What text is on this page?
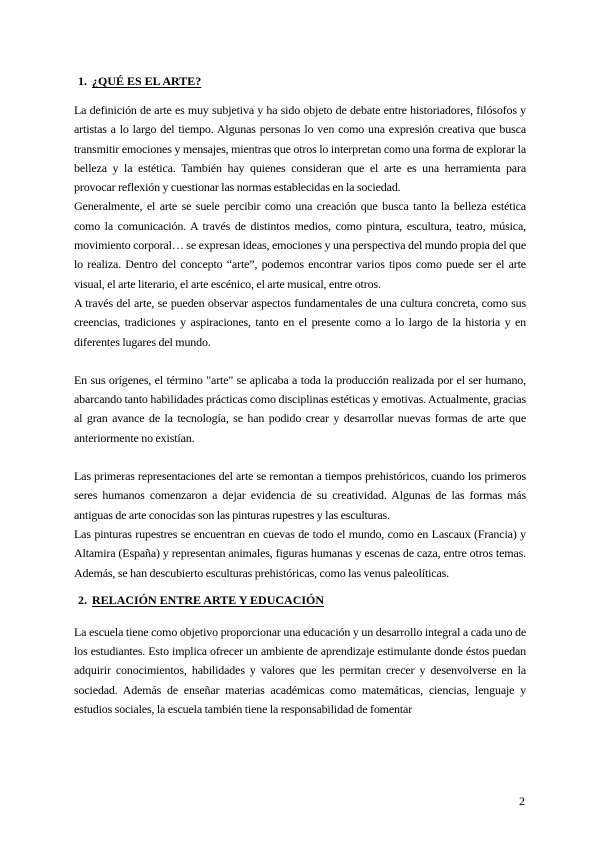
1. ¿QUÉ ES EL ARTE?

La definición de arte es muy subjetiva y ha sido objeto de debate entre historiadores, filósofos y artistas a lo largo del tiempo. Algunas personas lo ven como una expresión creativa que busca transmitir emociones y mensajes, mientras que otros lo interpretan como una forma de explorar la belleza y la estética. También hay quienes consideran que el arte es una herramienta para provocar reflexión y cuestionar las normas establecidas en la sociedad.

Generalmente, el arte se suele percibir como una creación que busca tanto la belleza estética como la comunicación. A través de distintos medios, como pintura, escultura, teatro, música, movimiento corporal… se expresan ideas, emociones y una perspectiva del mundo propia del que lo realiza. Dentro del concepto “arte”, podemos encontrar varios tipos como puede ser el arte visual, el arte literario, el arte escénico, el arte musical, entre otros.

A través del arte, se pueden observar aspectos fundamentales de una cultura concreta, como sus creencias, tradiciones y aspiraciones, tanto en el presente como a lo largo de la historia y en diferentes lugares del mundo.

En sus orígenes, el término "arte" se aplicaba a toda la producción realizada por el ser humano, abarcando tanto habilidades prácticas como disciplinas estéticas y emotivas. Actualmente, gracias al gran avance de la tecnología, se han podido crear y desarrollar nuevas formas de arte que anteriormente no existían.

Las primeras representaciones del arte se remontan a tiempos prehistóricos, cuando los primeros seres humanos comenzaron a dejar evidencia de su creatividad. Algunas de las formas más antiguas de arte conocidas son las pinturas rupestres y las esculturas.

Las pinturas rupestres se encuentran en cuevas de todo el mundo, como en Lascaux (Francia) y Altamira (España) y representan animales, figuras humanas y escenas de caza, entre otros temas. Además, se han descubierto esculturas prehistóricas, como las venus paleolíticas.

2. RELACIÓN ENTRE ARTE Y EDUCACIÓN

La escuela tiene como objetivo proporcionar una educación y un desarrollo integral a cada uno de los estudiantes. Esto implica ofrecer un ambiente de aprendizaje estimulante donde éstos puedan adquirir conocimientos, habilidades y valores que les permitan crecer y desenvolverse en la sociedad. Además de enseñar materias académicas como matemáticas, ciencias, lenguaje y estudios sociales, la escuela también tiene la responsabilidad de fomentar

2
